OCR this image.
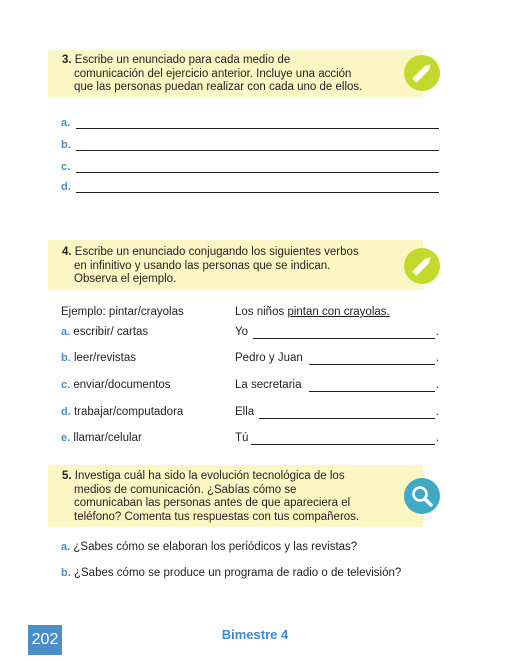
3. Escribe un enunciado para cada medio de comunicación del ejercicio anterior. Incluye una acción que las personas puedan realizar con cada uno de ellos.

a.
b.
c.
d.

4. Escribe un enunciado conjugando los siguientes verbos en infinitivo y usando las personas que se indican. Observa el ejemplo.

Ejemplo: pintar/crayolas	Los niños pintan con crayolas.
a. escribir/ cartas	Yo	.
b. leer/revistas	Pedro y Juan	.
c. enviar/documentos	La secretaria	.
d. trabajar/computadora	Ella	.
e. llamar/celular	Tú	.

5. Investiga cuál ha sido la evolución tecnológica de los medios de comunicación. ¿Sabías cómo se comunicaban las personas antes de que apareciera el teléfono? Comenta tus respuestas con tus compañeros.

a. ¿Sabes cómo se elaboran los periódicos y las revistas?
b. ¿Sabes cómo se produce un programa de radio o de televisión?
202	Bimestre 4
